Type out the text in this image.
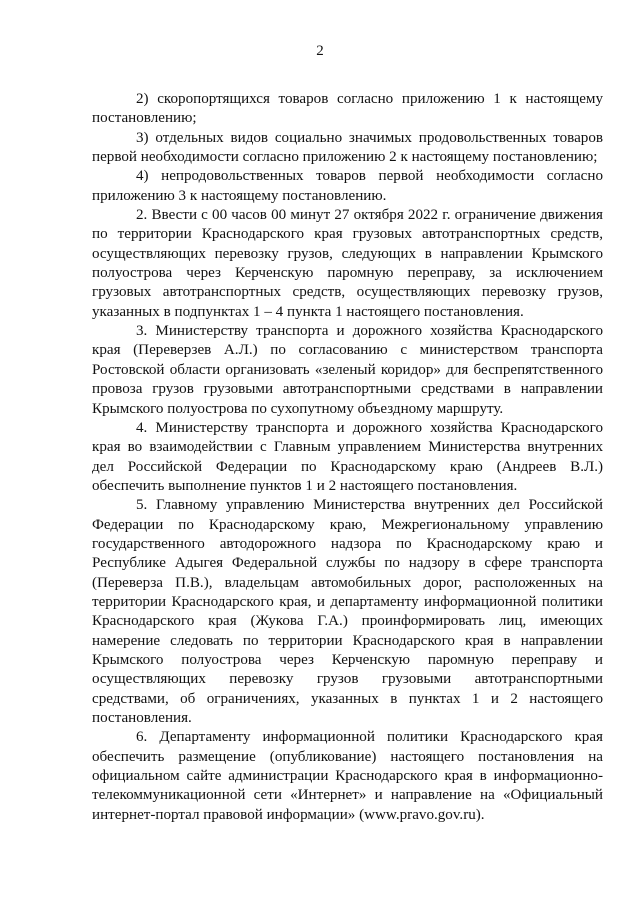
2

2) скоропортящихся товаров согласно приложению 1 к настоящему постановлению;

3) отдельных видов социально значимых продовольственных товаров первой необходимости согласно приложению 2 к настоящему постановлению;

4) непродовольственных товаров первой необходимости согласно приложению 3 к настоящему постановлению.

2. Ввести с 00 часов 00 минут 27 октября 2022 г. ограничение движения по территории Краснодарского края грузовых автотранспортных средств, осуществляющих перевозку грузов, следующих в направлении Крымского полуострова через Керченскую паромную переправу, за исключением грузовых автотранспортных средств, осуществляющих перевозку грузов, указанных в подпунктах 1 – 4 пункта 1 настоящего постановления.

3. Министерству транспорта и дорожного хозяйства Краснодарского края (Переверзев А.Л.) по согласованию с министерством транспорта Ростовской области организовать «зеленый коридор» для беспрепятственного провоза грузов грузовыми автотранспортными средствами в направлении Крымского полуострова по сухопутному объездному маршруту.

4. Министерству транспорта и дорожного хозяйства Краснодарского края во взаимодействии с Главным управлением Министерства внутренних дел Российской Федерации по Краснодарскому краю (Андреев В.Л.) обеспечить выполнение пунктов 1 и 2 настоящего постановления.

5. Главному управлению Министерства внутренних дел Российской Федерации по Краснодарскому краю, Межрегиональному управлению государственного автодорожного надзора по Краснодарскому краю и Республике Адыгея Федеральной службы по надзору в сфере транспорта (Переверза П.В.), владельцам автомобильных дорог, расположенных на территории Краснодарского края, и департаменту информационной политики Краснодарского края (Жукова Г.А.) проинформировать лиц, имеющих намерение следовать по территории Краснодарского края в направлении Крымского полуострова через Керченскую паромную переправу и осуществляющих перевозку грузов грузовыми автотранспортными средствами, об ограничениях, указанных в пунктах 1 и 2 настоящего постановления.

6. Департаменту информационной политики Краснодарского края обеспечить размещение (опубликование) настоящего постановления на официальном сайте администрации Краснодарского края в информационно-телекоммуникационной сети «Интернет» и направление на «Официальный интернет-портал правовой информации» (www.pravo.gov.ru).
